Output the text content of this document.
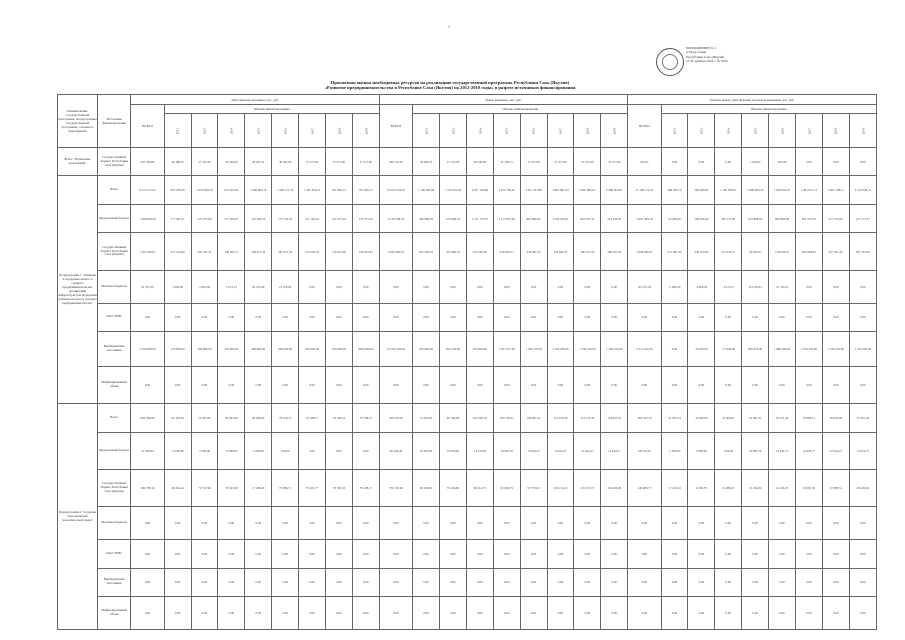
1
ПРИЛОЖЕНИЕ № 1
к Указу Главы
Республики Саха (Якутия)
от 30 декабря 2019 г. № 1000
Прогнозная оценка необходимых ресурсов на реализацию государственной программы Республики Саха (Якутия)
«Развитие предпринимательства в Республике Саха (Якутия) на 2012-2019 годы» в разрезе источников финансирования
Наименование государственной программы, подпрограммы государственной программы, основного мероприятия	Источники финансирования	Действующая редакция, тыс. руб.									Новая редакция, тыс. руб.									Разница между действующей и новой редакциями, тыс. руб.								
		ВСЕГО	Объемы финансирования								ВСЕГО	Объемы финансирования								ВСЕГО	Объемы финансирования							
			2012	2013	2014	2015	2016	2017	2018	2019		2012	2013	2014	2015	2016	2017	2018	2019		2012	2013	2014	2015	2016	2017	2018	2019
Всего "Управление программой"	Государственный бюджет Республики Саха (Якутия)	297 789,96	36 380,10	37 163,29	36 546,00	40 291,31	38 262,00	37 477,00	37 477,00	37 477,00	298 191,45	36 380,10	37 163,29	36 546,00	41 520,11	37 477,00	37 477,00	37 477,00	37 477,00	401,31	0,00	0,00	0,00	1 229,67	-825,00	0,00	0,00	0,00
Подпрограмма 1 "Развитие и поддержка малого и среднего предпринимательства, организации инфраструктуры поддержки субъектов малого и среднего предпринимательства"	Всего	9 213 171,93	903 256,00	1 052 839,76	974 563,00	1 208 862,76	1 990 171,35	1 397 459,41	791 836,12	791 836,12	19 424 704,05	1 196 380,00	1 561 631,69	2 037 102,86	2 975 746,26	2 957 721,80	2 865 862,34	2 997 883,03	2 806 904,91	11 790 172,56	289 304,70	509 043,93	1 163 589,91	1 698 969,33	1 090 956,32	1 467 627,12	2 067 796,11	2 162 048,51
	Федеральный бюджет	1 089 658,38	177 287,27	331 973,80	371 465,07	167 826,24	173 116,23	131 165,24	125 375,26	125 375,26	4 138 188,53	292 886,59	379 488,33	1 511 173,70	2 175 647,49	863 886,95	1 562 433,91	664 187,41	241 234,87	3 091 499,18	23 206,62	168 946,26	387 173,82	615 868,83	692 863,89	831 972,03	477 334,62	127 173,57
	Государственный бюджет Республики Саха (Якутия)	1 761 940,91	277 414,90	292 231,31	138 365,77	148 477,34	267 371,50	211 002,33	176 241,60	234 227,61	4 642 606,67	461 499,33	475 969,32	435 020,90	426 829,37	342 981,53	459 602,37	380 167,24	468 187,24	2 668 286,47	217 661,34	240 472,93	215 030,31	43 452,07	118 643,67	464 984,05	367 901,20	387 301,05
	Местные бюджеты	91 531,30	1 069,00	2 803,00	1 673,15	62 276,46	21 070,68	0,00	0,00	0,00	0,00	0,00	0,00	0,00	0,00	0,00	0,00	0,00	0,00	-91 531,29	-1 066,00	-2 860,00	-1 673,15	-63 278,01	-21 762,11	0,00	0,00	0,00
	ОАО "РИК"	0,00	0,00	0,00	0,00	0,00	0,00	0,00	0,00	0,00	0,00	0,00	0,00	0,00	0,00	0,00	0,00	0,00	0,00	0,00	0,00	0,00	0,00	0,00	0,00	0,00	0,00	0,00
	Внебюджетные источники	4 160 000,00	155 600,00	382 806,00	350 600,00	400 800,00	400 000,00	350 000,00	350 600,00	3500 000,00	10 299 149,56	453 866,00	959 120,00	979 649,00	1 367 617,00	1 766 179,58	1 766 230,00	1 796 250,00	1 760 256,90	6 311 919,26	0,00	76 230,00	-77 649,00	899 433,00	1 086 289,00	1 016 230,00	1 346 279,00	1 219 269,00
	Нефиксированный объем	0,00	0,00	0,00	0,00	0,00	0,00	0,00	0,00	0,00	0,00	0,00	0,00	0,00	0,00	0,00	0,00	0,00	0,00	0,00	0,00	0,00	0,00	0,00	0,00	0,00	0,00	0,00
Подпрограмма 2 "Создание благоприятной экономической среды"	Всего	856 398,99	84 182,44	74 347,96	96 063,98	84 099,09	78 104,71	79 108,17	78 708,33	79 708,15	458 418,29	74 360,00	90 780,00	102 095,19	104 128,31	100 991,31	114 919,58	114 237,43	114 847,91	-206 127,70	61 961,34	14 600,00	16 306,81	16 941,91	35 101,26	76 089,11	16 830,00	37 461,28
	Федеральный бюджет	21 300,00	13 600,00	7 600,00	15 600,00	2 268,00	100,00	0,00	0,00	0,00	90 449,29	10 600,00	10 600,00	14 233,00	16 920,16	12 624,27	12 624,27	12 624,27	12 624,27	58 143,29	-1 000,00	3 000,00	-304,00	16 681,16	13 634,77	12 624,77	12 624,27	12 624,77
	Государственный бюджет Республики Саха (Якутия)	296 780,16	49 432,44	70 747,96	76 545,98	17 289,69	73 986,71	79 105,77	78 700,33	78 108,17	756 167,92	66 230,00	79 166,69	90 014,75	82 004,79	97 270,04	102 214,23	101 107,07	104 209,09	149 063,77	17 203,34	9 206,79	16 289,01	15 234,09	21 430,25	23 095,30	23 598,31	29 026,92
	Местные бюджеты	0,00	0,00	0,00	0,00	0,00	0,00	0,00	0,00	0,00	0,00	0,00	0,00	0,00	0,00	0,00	0,00	0,00	0,00	0,00	0,00	0,00	0,00	0,00	0,00	0,00	0,00	0,00
	ОАО "РИК"	0,00	0,00	0,00	0,00	0,00	0,00	0,00	0,00	0,00	0,00	0,00	0,00	0,00	0,00	0,00	0,00	0,00	0,00	0,00	0,00	0,00	0,00	0,00	0,00	0,00	0,00	0,00
	Внебюджетные источники	0,00	0,00	0,00	0,00	0,00	0,00	0,00	0,00	0,00	0,00	0,00	0,00	0,00	0,00	0,00	0,00	0,00	0,00	0,00	0,00	0,00	0,00	0,00	0,00	0,00	0,00	0,00
	Нефиксированный объем	0,00	0,00	0,00	0,00	0,00	0,00	0,00	0,00	0,00	0,00	0,00	0,00	0,00	0,00	0,00	0,00	0,00	0,00	0,00	0,00	0,00	0,00	0,00	0,00	0,00	0,00	0,00
